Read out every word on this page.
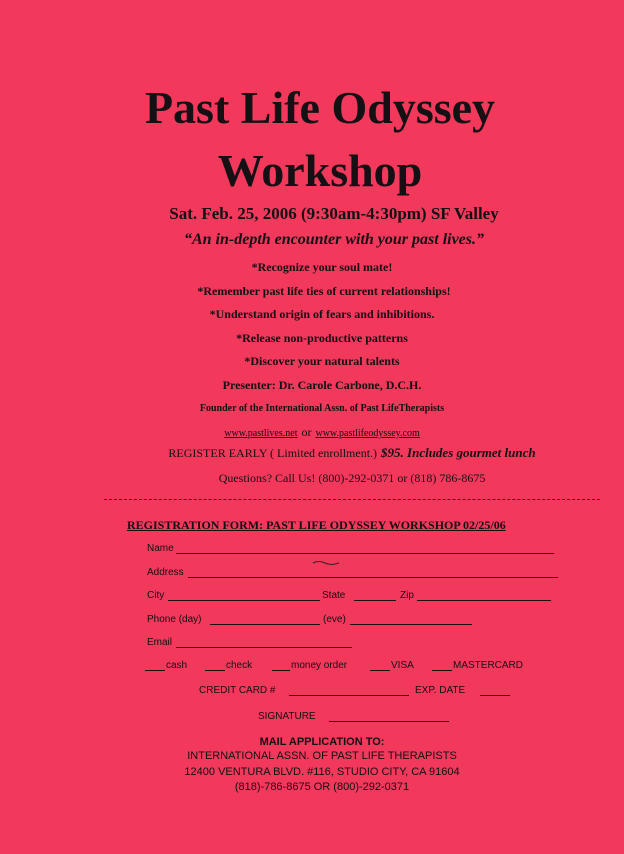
Past Life Odyssey
Workshop
Sat. Feb. 25, 2006 (9:30am-4:30pm) SF Valley
“An in-depth encounter with your past lives.”
*Recognize your soul mate!
*Remember past life ties of current relationships!
*Understand origin of fears and inhibitions.
*Release non-productive patterns
*Discover your natural talents
Presenter: Dr. Carole Carbone, D.C.H.
Founder of the International Assn. of Past LifeTherapists
www.pastlives.net or www.pastlifeodyssey.com
REGISTER EARLY ( Limited enrollment.) $95. Includes gourmet lunch
Questions? Call Us! (800)-292-0371 or (818) 786-8675
REGISTRATION FORM: PAST LIFE ODYSSEY WORKSHOP 02/25/06
Name
Address
City	State	Zip
Phone (day)	(eve)
Email
cash	check	money order	VISA	MASTERCARD
CREDIT CARD #	EXP. DATE
SIGNATURE
MAIL APPLICATION TO:
INTERNATIONAL ASSN. OF PAST LIFE THERAPISTS
12400 VENTURA BLVD. #116, STUDIO CITY, CA 91604
(818)-786-8675 OR (800)-292-0371
